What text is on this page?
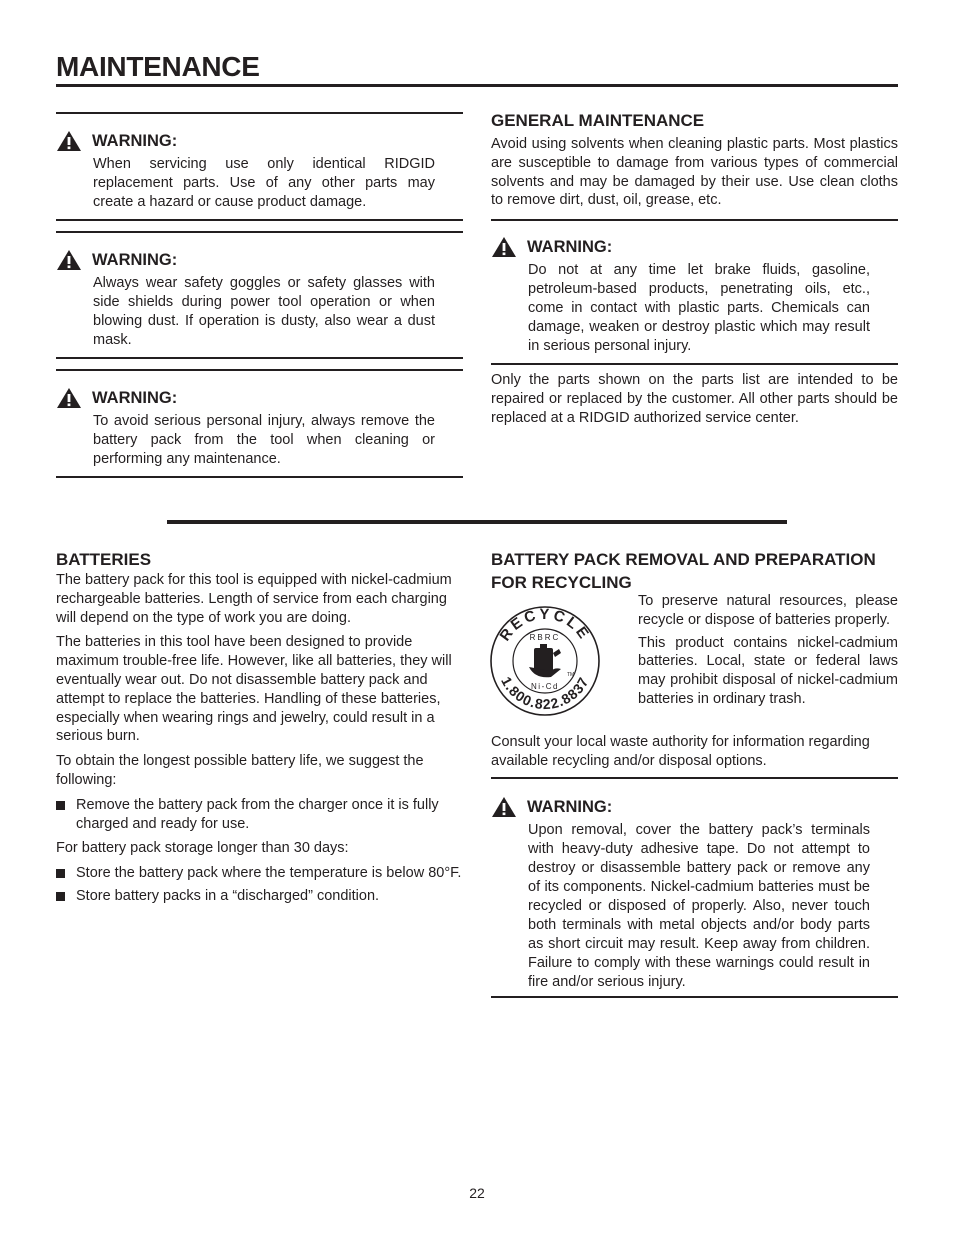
MAINTENANCE
WARNING:

When servicing use only identical RIDGID replacement parts. Use of any other parts may create a hazard or cause product damage.

WARNING:

Always wear safety goggles or safety glasses with side shields during power tool operation or when blowing dust. If operation is dusty, also wear a dust mask.

WARNING:

To avoid serious personal injury, always remove the battery pack from the tool when cleaning or performing any maintenance.

GENERAL MAINTENANCE

Avoid using solvents when cleaning plastic parts. Most plastics are susceptible to damage from various types of commercial solvents and may be damaged by their use. Use clean cloths to remove dirt, dust, oil, grease, etc.

WARNING:

Do not at any time let brake fluids, gasoline, petroleum-based products, penetrating oils, etc., come in contact with plastic parts. Chemicals can damage, weaken or destroy plastic which may result in serious personal injury.

Only the parts shown on the parts list are intended to be repaired or replaced by the customer. All other parts should be replaced at a RIDGID authorized service center.

BATTERIES

The battery pack for this tool is equipped with nickel-cadmium rechargeable batteries. Length of service from each charging will depend on the type of work you are doing.

The batteries in this tool have been designed to provide maximum trouble-free life. However, like all batteries, they will eventually wear out. Do not disassemble battery pack and attempt to replace the batteries. Handling of these batteries, especially when wearing rings and jewelry, could result in a serious burn.

To obtain the longest possible battery life, we suggest the following:

Remove the battery pack from the charger once it is fully charged and ready for use.

For battery pack storage longer than 30 days:

Store the battery pack where the temperature is below 80°F.
Store battery packs in a “discharged” condition.
BATTERY PACK REMOVAL AND PREPARATION FOR RECYCLING
RECYCLE
1.800.822.8837
RBRC
Ni-Cd
TM

To preserve natural resources, please recycle or dispose of batteries properly.

This product contains nickel-cadmium batteries. Local, state or federal laws may prohibit disposal of nickel-cadmium batteries in ordinary trash.

Consult your local waste authority for information regarding available recycling and/or disposal options.

WARNING:

Upon removal, cover the battery pack’s terminals with heavy-duty adhesive tape. Do not attempt to destroy or disassemble battery pack or remove any of its components. Nickel-cadmium batteries must be recycled or disposed of properly. Also, never touch both terminals with metal objects and/or body parts as short circuit may result. Keep away from children. Failure to comply with these warnings could result in fire and/or serious injury.

22
